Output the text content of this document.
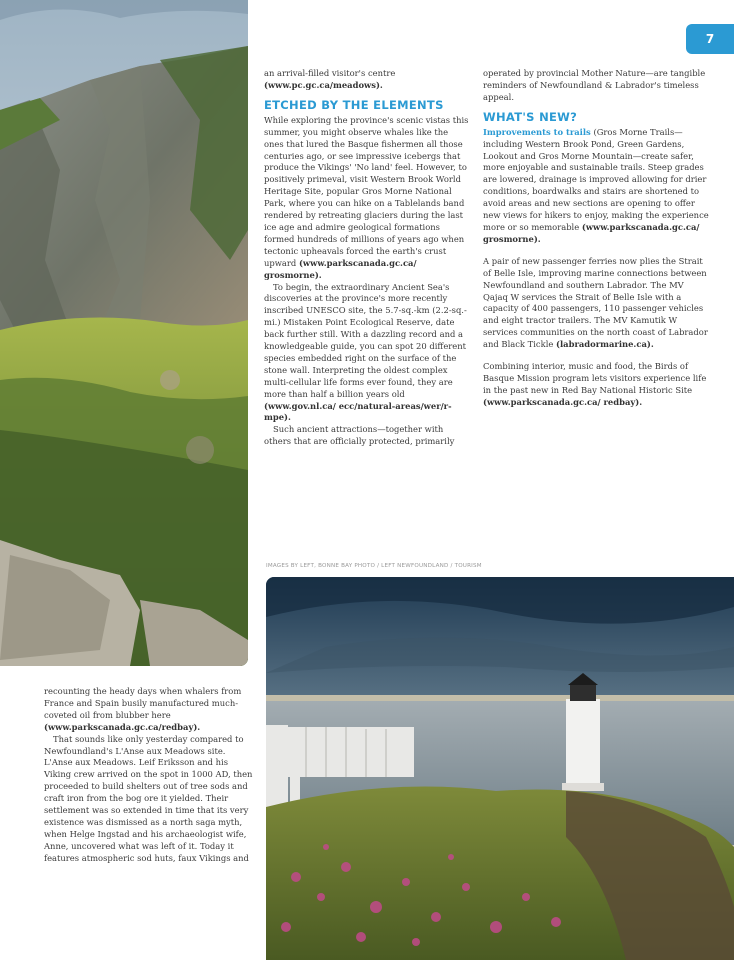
7

an arrival-filled visitor's centre (www.pc.gc.ca/meadows).

ETCHED BY THE ELEMENTS

While exploring the province's scenic vistas this summer, you might observe whales like the ones that lured the Basque fishermen all those centuries ago, or see impressive icebergs that produce the Vikings' 'No land' feel. However, to positively primeval, visit Western Brook World Heritage Site, popular Gros Morne National Park, where you can hike on a Tablelands band rendered by retreating glaciers during the last ice age and admire geological formations formed hundreds of millions of years ago when tectonic upheavals forced the earth's crust upward (www.parkscanada.gc.ca/ grosmorne).

To begin, the extraordinary Ancient Sea's discoveries at the province's more recently inscribed UNESCO site, the 5.7-sq.-km (2.2-sq.-mi.) Mistaken Point Ecological Reserve, date back further still. With a dazzling record and a knowledgeable guide, you can spot 20 different species embedded right on the surface of the stone wall. Interpreting the oldest complex multi-cellular life forms ever found, they are more than half a billion years old (www.gov.nl.ca/ ecc/natural-areas/wer/r-mpe).

Such ancient attractions—together with others that are officially protected, primarily

operated by provincial Mother Nature—are tangible reminders of Newfoundland & Labrador's timeless appeal.

WHAT'S NEW?

Improvements to trails (Gros Morne Trails—including Western Brook Pond, Green Gardens, Lookout and Gros Morne Mountain—create safer, more enjoyable and sustainable trails. Steep grades are lowered, drainage is improved allowing for drier conditions, boardwalks and stairs are shortened to avoid areas and new sections are opening to offer new views for hikers to enjoy, making the experience more or so memorable (www.parkscanada.gc.ca/ grosmorne).

A pair of new passenger ferries now plies the Strait of Belle Isle, improving marine connections between Newfoundland and southern Labrador. The MV Qajaq W services the Strait of Belle Isle with a capacity of 400 passengers, 110 passenger vehicles and eight tractor trailers. The MV Kamutik W services communities on the north coast of Labrador and Black Tickle (labradormarine.ca).

Combining interior, music and food, the Birds of Basque Mission program lets visitors experience life in the past new in Red Bay National Historic Site (www.parkscanada.gc.ca/ redbay).

IMAGES BY LEFT, BONNE BAY PHOTO / LEFT NEWFOUNDLAND / TOURISM

recounting the heady days when whalers from France and Spain busily manufactured much-coveted oil from blubber here (www.parkscanada.gc.ca/redbay).

That sounds like only yesterday compared to Newfoundland's L'Anse aux Meadows site. L'Anse aux Meadows. Leif Eriksson and his Viking crew arrived on the spot in 1000 AD, then proceeded to build shelters out of tree sods and craft iron from the bog ore it yielded. Their settlement was so extended in time that its very existence was dismissed as a north saga myth, when Helge Ingstad and his archaeologist wife, Anne, uncovered what was left of it. Today it features atmospheric sod huts, faux Vikings and
